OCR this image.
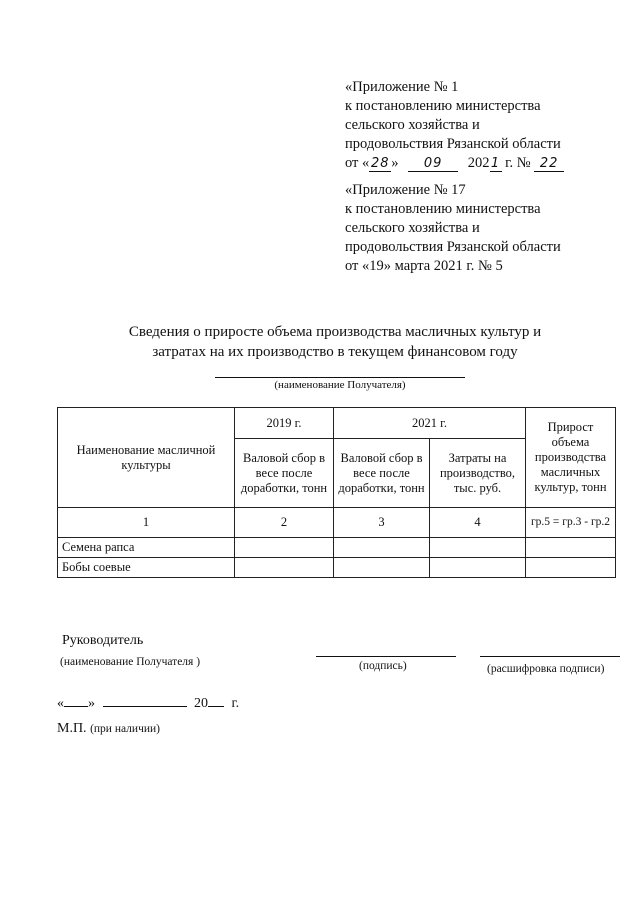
«Приложение № 1
к постановлению министерства
сельского хозяйства и
продовольствия Рязанской области
от « 28 » 09 2021 г. № 22
«Приложение № 17
к постановлению министерства
сельского хозяйства и
продовольствия Рязанской области
от «19» марта 2021 г. № 5
Сведения о приросте объема производства масличных культур и
затратах на их производство в текущем финансовом году
(наименование Получателя)
Наименование масличной культуры	2019 г.	2021 г.		Прирост объема производства масличных культур, тонн
	Валовой сбор в весе после доработки, тонн	Валовой сбор в весе после доработки, тонн	Затраты на производство, тыс. руб.	
1	2	3	4	гр.5 = гр.3 - гр.2
Семена рапса				
Бобы соевые				
Руководитель
(наименование Получателя )	(подпись)	(расшифровка подписи)
« »	20 г.
М.П. (при наличии)
